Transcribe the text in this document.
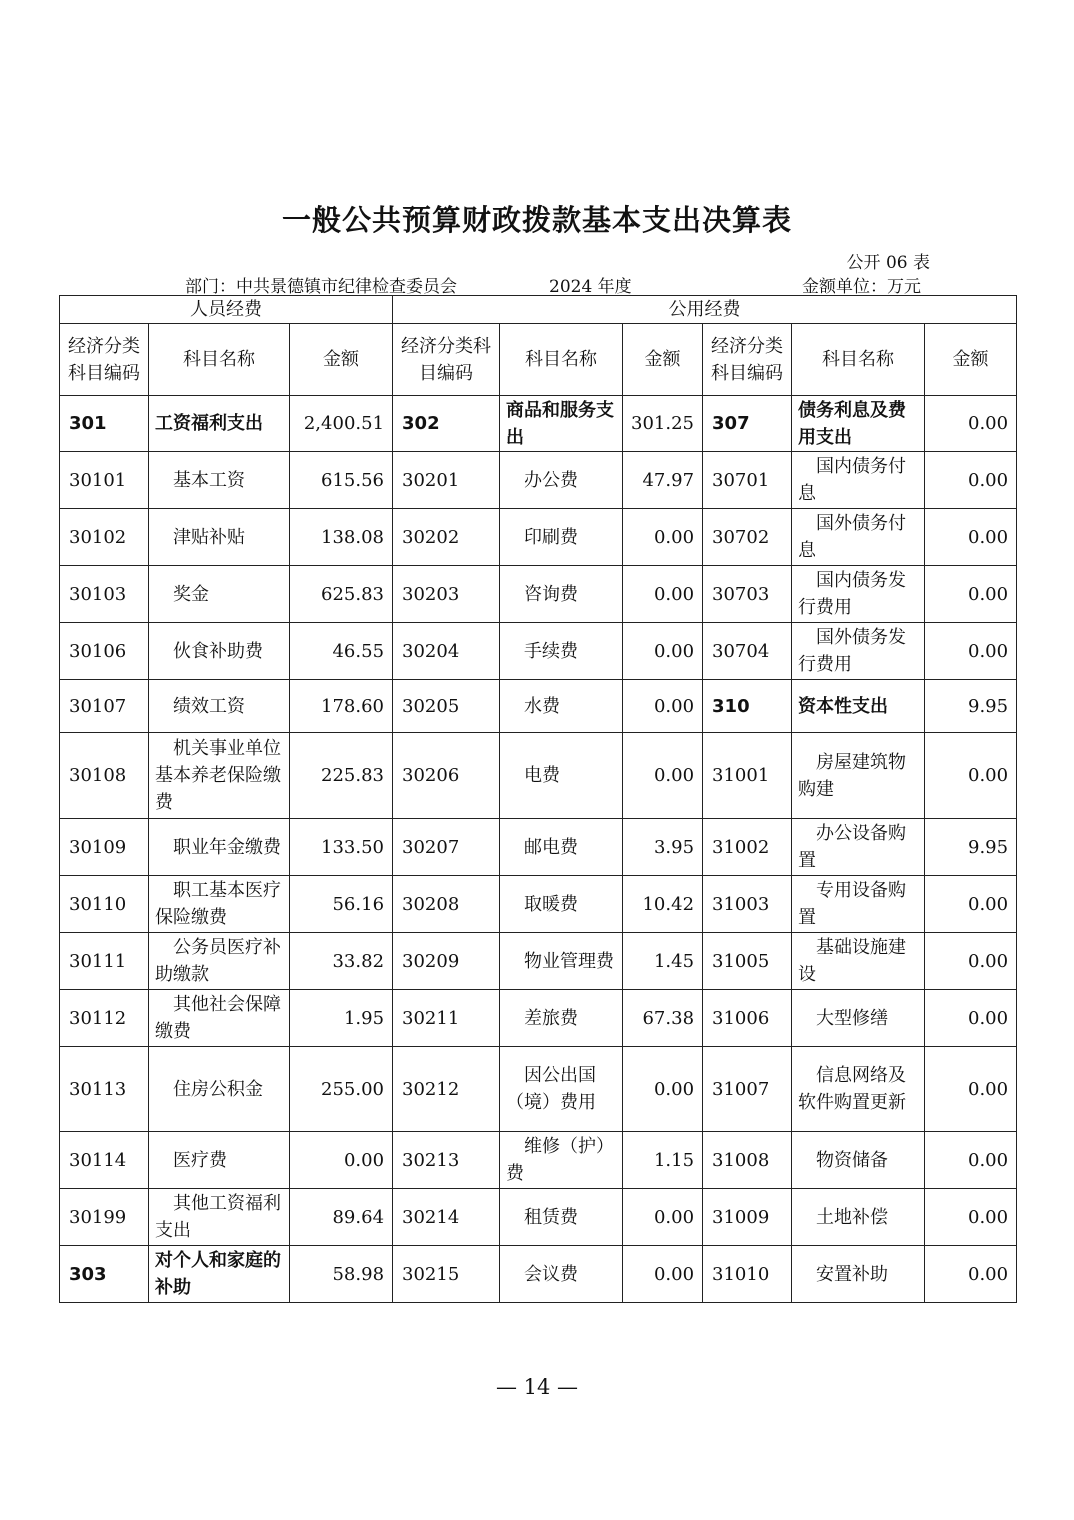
一般公共预算财政拨款基本支出决算表
公开 06 表
部门：中共景德镇市纪律检查委员会	2024 年度	金额单位：万元
人员经费			公用经费					
经济分类科目编码	科目名称	金额	经济分类科目编码	科目名称	金额	经济分类科目编码	科目名称	金额
301	工资福利支出	2,400.51	302	商品和服务支出	301.25	307	债务利息及费用支出	0.00
30101	基本工资	615.56	30201	办公费	47.97	30701	国内债务付息	0.00
30102	津贴补贴	138.08	30202	印刷费	0.00	30702	国外债务付息	0.00
30103	奖金	625.83	30203	咨询费	0.00	30703	国内债务发行费用	0.00
30106	伙食补助费	46.55	30204	手续费	0.00	30704	国外债务发行费用	0.00
30107	绩效工资	178.60	30205	水费	0.00	310	资本性支出	9.95
30108	机关事业单位基本养老保险缴费	225.83	30206	电费	0.00	31001	房屋建筑物购建	0.00
30109	职业年金缴费	133.50	30207	邮电费	3.95	31002	办公设备购置	9.95
30110	职工基本医疗保险缴费	56.16	30208	取暖费	10.42	31003	专用设备购置	0.00
30111	公务员医疗补助缴款	33.82	30209	物业管理费	1.45	31005	基础设施建设	0.00
30112	其他社会保障缴费	1.95	30211	差旅费	67.38	31006	大型修缮	0.00
30113	住房公积金	255.00	30212	因公出国（境）费用	0.00	31007	信息网络及软件购置更新	0.00
30114	医疗费	0.00	30213	维修（护）费	1.15	31008	物资储备	0.00
30199	其他工资福利支出	89.64	30214	租赁费	0.00	31009	土地补偿	0.00
303	对个人和家庭的补助	58.98	30215	会议费	0.00	31010	安置补助	0.00
— 14 —
